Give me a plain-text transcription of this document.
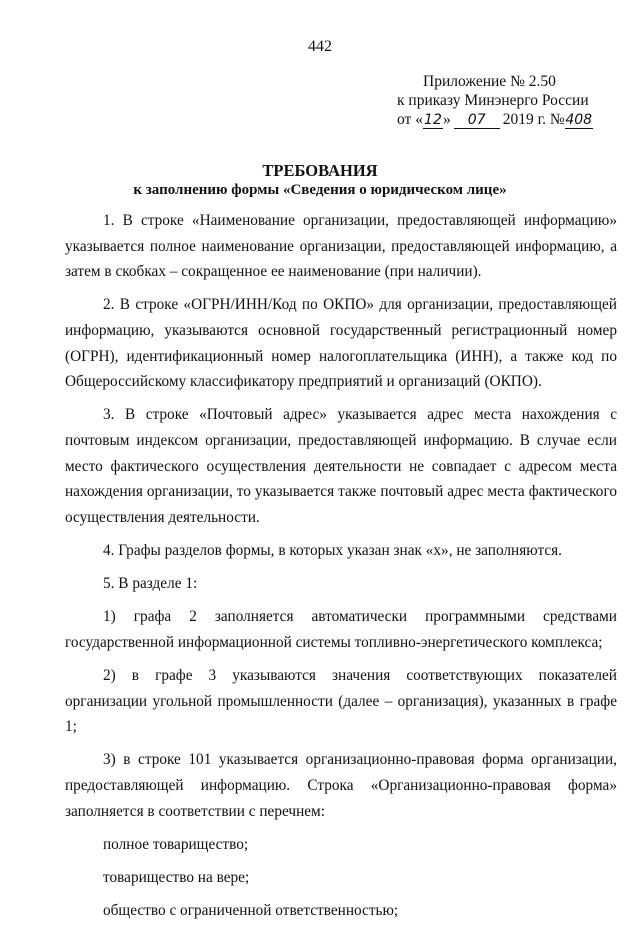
442
Приложение № 2.50
к приказу Минэнерго России
от «12» 07 2019 г. №408
ТРЕБОВАНИЯ
к заполнению формы «Сведения о юридическом лице»

1. В строке «Наименование организации, предоставляющей информацию» указывается полное наименование организации, предоставляющей информацию, а затем в скобках – сокращенное ее наименование (при наличии).

2. В строке «ОГРН/ИНН/Код по ОКПО» для организации, предоставляющей информацию, указываются основной государственный регистрационный номер (ОГРН), идентификационный номер налогоплательщика (ИНН), а также код по Общероссийскому классификатору предприятий и организаций (ОКПО).

3. В строке «Почтовый адрес» указывается адрес места нахождения с почтовым индексом организации, предоставляющей информацию. В случае если место фактического осуществления деятельности не совпадает с адресом места нахождения организации, то указывается также почтовый адрес места фактического осуществления деятельности.

4. Графы разделов формы, в которых указан знак «х», не заполняются.

5. В разделе 1:

1) графа 2 заполняется автоматически программными средствами государственной информационной системы топливно-энергетического комплекса;

2) в графе 3 указываются значения соответствующих показателей организации угольной промышленности (далее – организация), указанных в графе 1;

3) в строке 101 указывается организационно-правовая форма организации, предоставляющей информацию. Строка «Организационно-правовая форма» заполняется в соответствии с перечнем:

полное товарищество;
товарищество на вере;
общество с ограниченной ответственностью;
